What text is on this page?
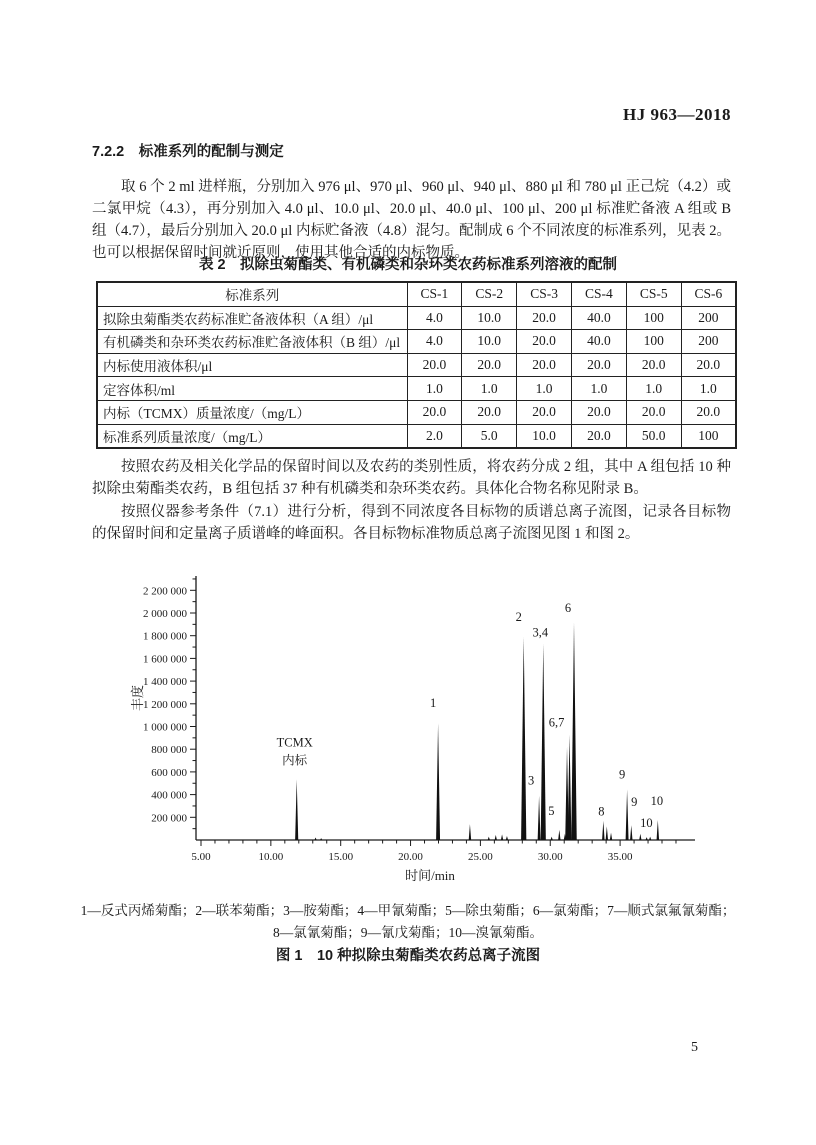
HJ 963—2018
7.2.2　标准系列的配制与测定

取 6 个 2 ml 进样瓶，分别加入 976 μl、970 μl、960 μl、940 μl、880 μl 和 780 μl 正己烷（4.2）或二氯甲烷（4.3），再分别加入 4.0 μl、10.0 μl、20.0 μl、40.0 μl、100 μl、200 μl 标准贮备液 A 组或 B 组（4.7），最后分别加入 20.0 μl 内标贮备液（4.8）混匀。配制成 6 个不同浓度的标准系列，见表 2。也可以根据保留时间就近原则，使用其他合适的内标物质。

表 2　拟除虫菊酯类、有机磷类和杂环类农药标准系列溶液的配制
标准系列	CS-1	CS-2	CS-3	CS-4	CS-5	CS-6
拟除虫菊酯类农药标准贮备液体积（A 组）/μl	4.0	10.0	20.0	40.0	100	200
有机磷类和杂环类农药标准贮备液体积（B 组）/μl	4.0	10.0	20.0	40.0	100	200
内标使用液体积/μl	20.0	20.0	20.0	20.0	20.0	20.0
定容体积/ml	1.0	1.0	1.0	1.0	1.0	1.0
内标（TCMX）质量浓度/（mg/L）	20.0	20.0	20.0	20.0	20.0	20.0
标准系列质量浓度/（mg/L）	2.0	5.0	10.0	20.0	50.0	100

按照农药及相关化学品的保留时间以及农药的类别性质，将农药分成 2 组，其中 A 组包括 10 种拟除虫菊酯类农药，B 组包括 37 种有机磷类和杂环类农药。具体化合物名称见附录 B。

按照仪器参考条件（7.1）进行分析，得到不同浓度各目标物的质谱总离子流图，记录各目标物的保留时间和定量离子质谱峰的峰面积。各目标物标准物质总离子流图见图 1 和图 2。

200 000
400 000
600 000
800 000
1 000 000
1 200 000
1 400 000
1 600 000
1 800 000
2 000 000
2 200 000
5.00	10.00	15.00	20.00	25.00	30.00	35.00
时间/min
丰度
TCMX
内标
1
2
3
3,4
5
6,7
6
8
9
9
10
10
1—反式丙烯菊酯；2—联苯菊酯；3—胺菊酯；4—甲氰菊酯；5—除虫菊酯；6—氯菊酯；7—顺式氯氟氰菊酯；
8—氯氰菊酯；9—氰戊菊酯；10—溴氰菊酯。
图 1　10 种拟除虫菊酯类农药总离子流图
5
